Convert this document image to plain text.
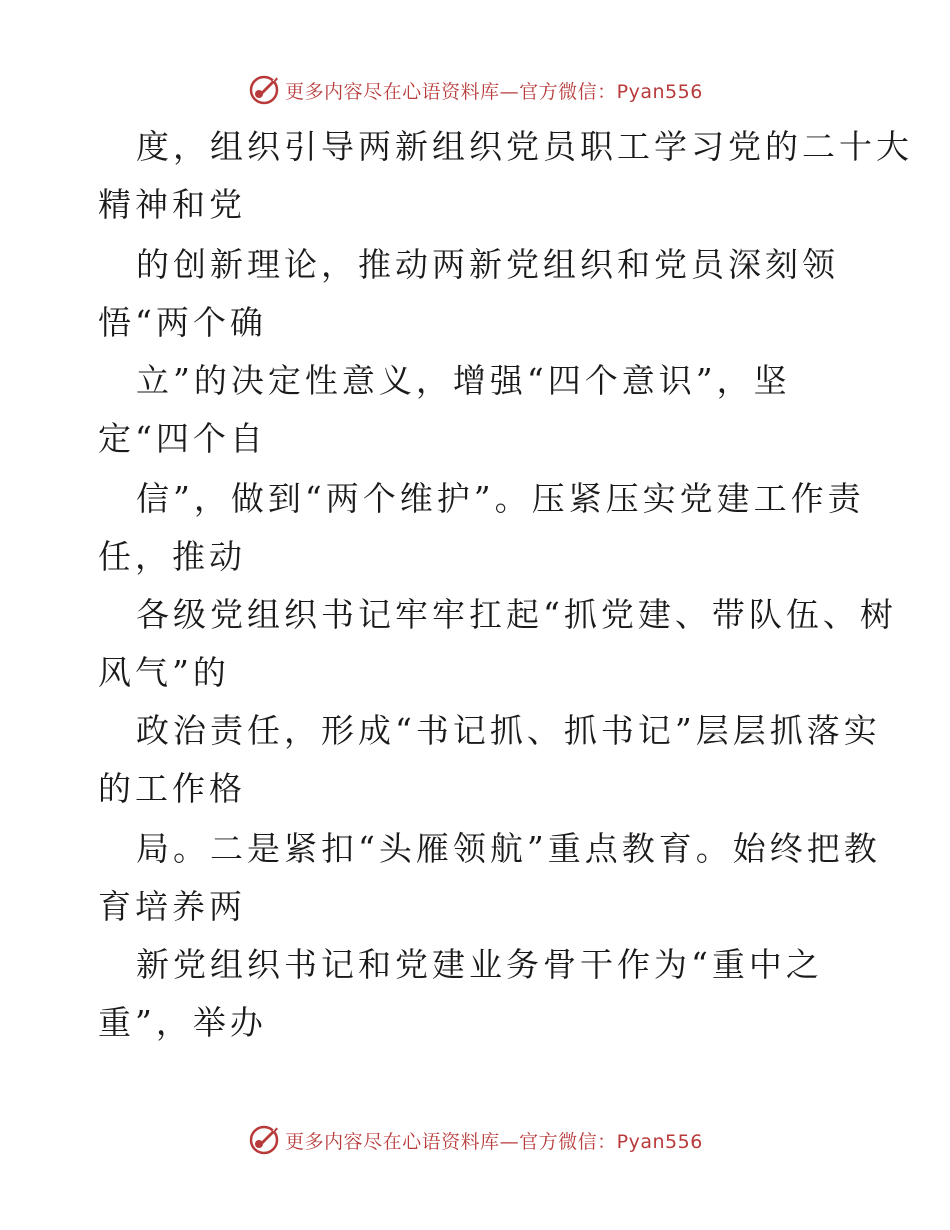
更多内容尽在心语资料库—官方微信：Pyan556
度，组织引导两新组织党员职工学习党的二十大
精神和党
的创新理论，推动两新党组织和党员深刻领
悟“两个确
立”的决定性意义，增强“四个意识”，坚
定“四个自
信”，做到“两个维护”。压紧压实党建工作责
任，推动
各级党组织书记牢牢扛起“抓党建、带队伍、树
风气”的
政治责任，形成“书记抓、抓书记”层层抓落实
的工作格
局。二是紧扣“头雁领航”重点教育。始终把教
育培养两
新党组织书记和党建业务骨干作为“重中之
重”，举办
更多内容尽在心语资料库—官方微信：Pyan556
